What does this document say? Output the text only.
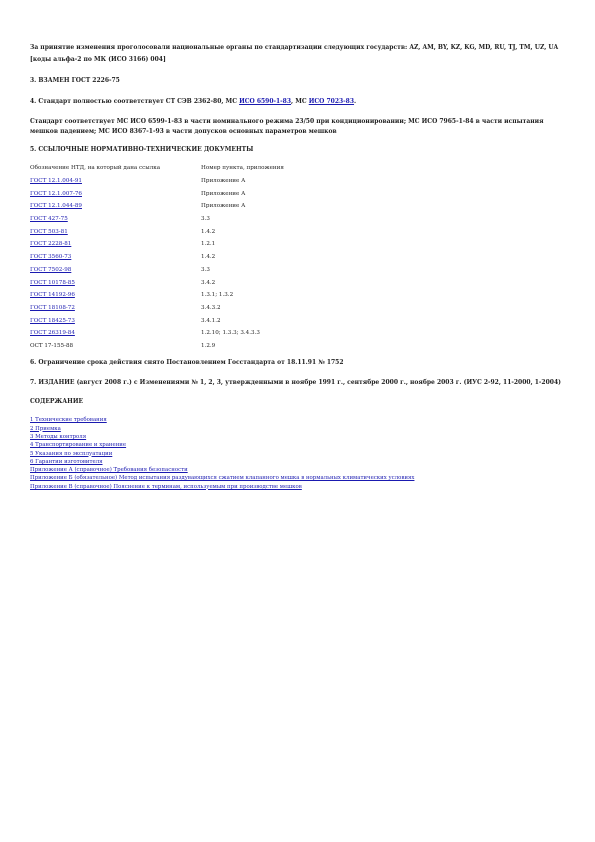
За принятие изменения проголосовали национальные органы по стандартизации следующих государств: AZ, AM, BY, KZ, KG, MD, RU, TJ, TM, UZ, UA [коды альфа-2 по МК (ИСО 3166) 004]

3. ВЗАМЕН ГОСТ 2226-75

4. Стандарт полностью соответствует СТ СЭВ 2362-80, МС ИСО 6590-1-83, МС ИСО 7023-83.

Стандарт соответствует МС ИСО 6599-1-83 в части номинального режима 23/50 при кондиционировании; МС ИСО 7965-1-84 в части испытания мешков падением; МС ИСО 8367-1-93 в части допусков основных параметров мешков

5. ССЫЛОЧНЫЕ НОРМАТИВНО-ТЕХНИЧЕСКИЕ ДОКУМЕНТЫ

Обозначение НТД, на который дана ссылка	Номер пункта, приложения
ГОСТ 12.1.004-91	Приложение А
ГОСТ 12.1.007-76	Приложение А
ГОСТ 12.1.044-89	Приложение А
ГОСТ 427-75	3.3
ГОСТ 503-81	1.4.2
ГОСТ 2228-81	1.2.1
ГОСТ 3560-73	1.4.2
ГОСТ 7502-98	3.3
ГОСТ 10178-85	3.4.2
ГОСТ 14192-96	1.3.1; 1.3.2
ГОСТ 18108-72	3.4.3.2
ГОСТ 18425-73	3.4.1.2
ГОСТ 26319-84	1.2.10; 1.3.3; 3.4.3.3
ОСТ 17-155-88	1.2.9

6. Ограничение срока действия снято Постановлением Госстандарта от 18.11.91 № 1752

7. ИЗДАНИЕ (август 2008 г.) с Изменениями № 1, 2, 3, утвержденными в ноябре 1991 г., сентябре 2000 г., ноябре 2003 г. (ИУС 2-92, 11-2000, 1-2004)

СОДЕРЖАНИЕ

1 Технические требования
2 Приемка
3 Методы контроля
4 Транспортирование и хранение
5 Указания по эксплуатации
6 Гарантии изготовителя
Приложение А (справочное) Требования безопасности
Приложение Б (обязательное) Метод испытания раздувающихся сжатием клапанного мешка в нормальных климатических условиях
Приложение В (справочное) Пояснение к терминам, используемым при производстве мешков
